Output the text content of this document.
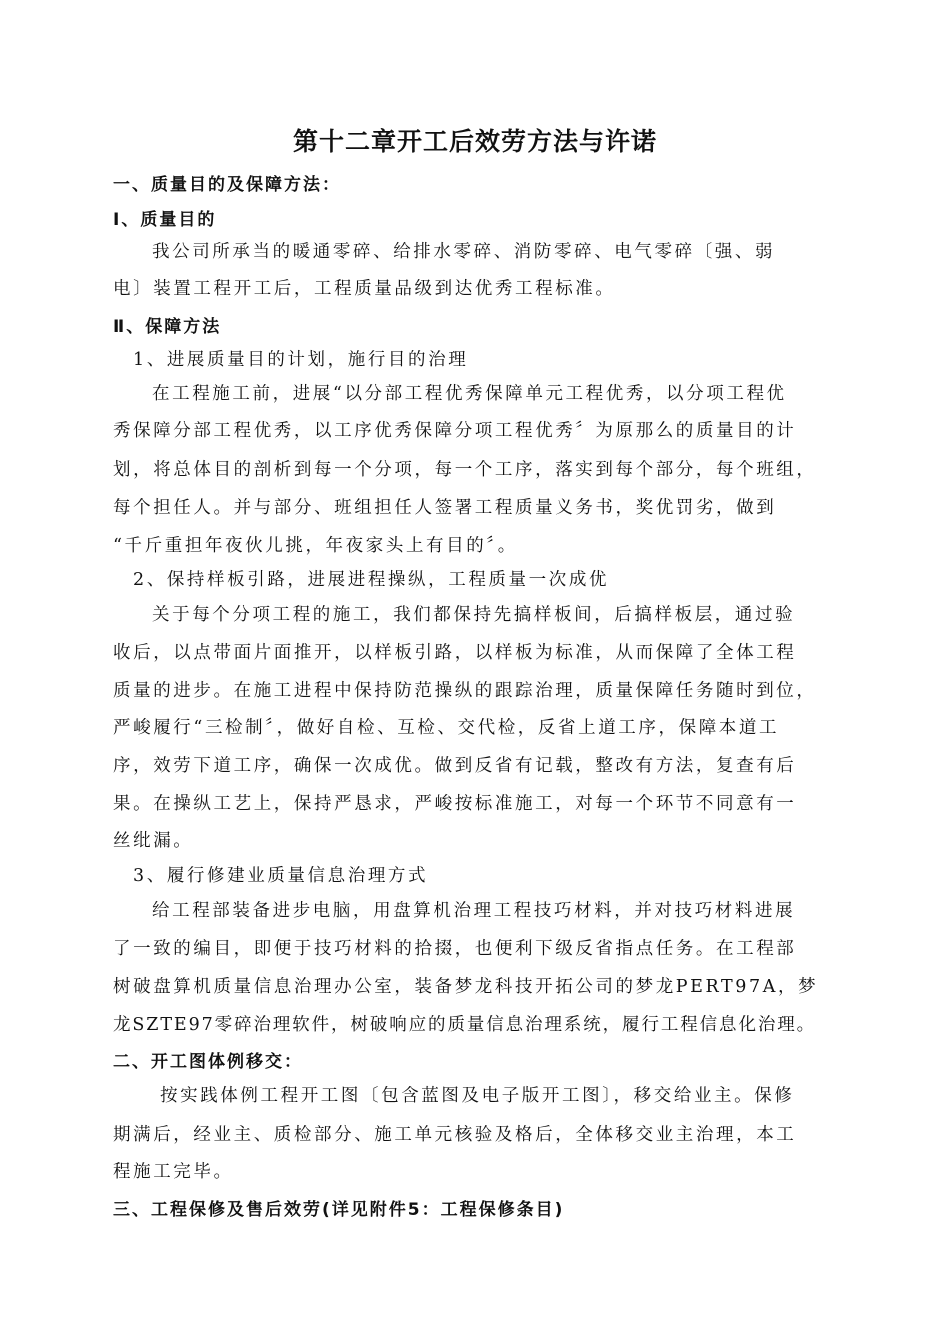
第十二章开工后效劳方法与许诺
一、质量目的及保障方法：
Ⅰ、质量目的
我公司所承当的暖通零碎、给排水零碎、消防零碎、电气零碎〔强、弱
电〕装置工程开工后，工程质量品级到达优秀工程标准。
Ⅱ、保障方法
1、进展质量目的计划，施行目的治理
在工程施工前，进展“以分部工程优秀保障单元工程优秀，以分项工程优
秀保障分部工程优秀，以工序优秀保障分项工程优秀〞为原那么的质量目的计
划，将总体目的剖析到每一个分项，每一个工序，落实到每个部分，每个班组，
每个担任人。并与部分、班组担任人签署工程质量义务书，奖优罚劣，做到
“千斤重担年夜伙儿挑，年夜家头上有目的〞。
2、保持样板引路，进展进程操纵，工程质量一次成优
关于每个分项工程的施工，我们都保持先搞样板间，后搞样板层，通过验
收后，以点带面片面推开，以样板引路，以样板为标准，从而保障了全体工程
质量的进步。在施工进程中保持防范操纵的跟踪治理，质量保障任务随时到位，
严峻履行“三检制〞，做好自检、互检、交代检，反省上道工序，保障本道工
序，效劳下道工序，确保一次成优。做到反省有记载，整改有方法，复查有后
果。在操纵工艺上，保持严恳求，严峻按标准施工，对每一个环节不同意有一
丝纰漏。
3、履行修建业质量信息治理方式
给工程部装备进步电脑，用盘算机治理工程技巧材料，并对技巧材料进展
了一致的编目，即便于技巧材料的拾掇，也便利下级反省指点任务。在工程部
树破盘算机质量信息治理办公室，装备梦龙科技开拓公司的梦龙PERT97A，梦
龙SZTE97零碎治理软件，树破响应的质量信息治理系统，履行工程信息化治理。
二、开工图体例移交：
按实践体例工程开工图〔包含蓝图及电子版开工图〕，移交给业主。保修
期满后，经业主、质检部分、施工单元核验及格后，全体移交业主治理，本工
程施工完毕。
三、工程保修及售后效劳(详见附件5：工程保修条目)
